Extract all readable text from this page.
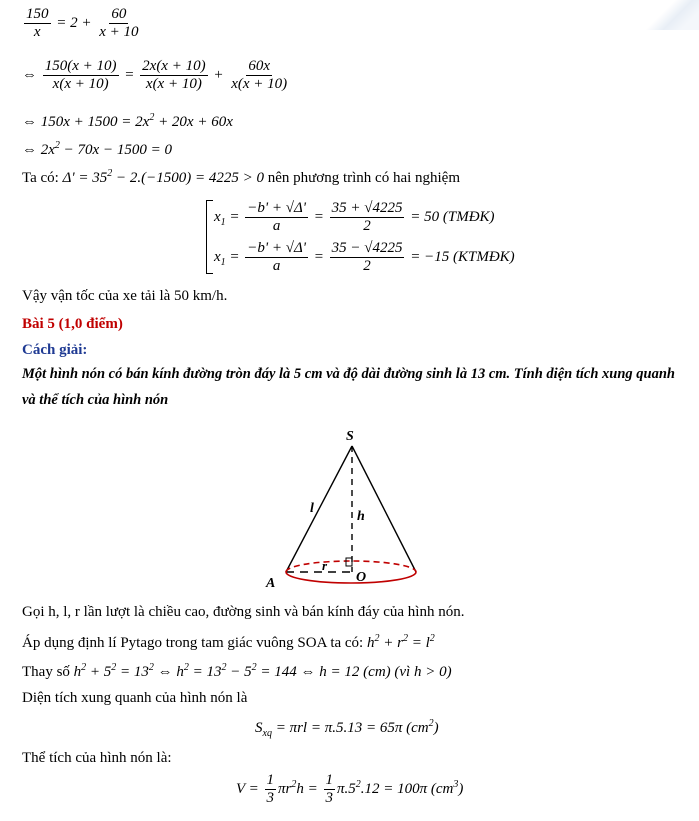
$\frac{150}{x} = 2 + \frac{60}{x + 10}$
⇔ $\frac{150(x + 10)}{x(x + 10)} = \frac{2x(x + 10)}{x(x + 10)} + \frac{60x}{x(x + 10)}$
⇔ $150x + 1500 = 2x^2 + 20x + 60x$
⇔ $2x^2 - 70x - 1500 = 0$
Ta có: $\Delta' = 35^2 - 2.(-1500) = 4225 > 0$ nên phương trình có hai nghiệm
$x_1 = \frac{-b' + √\Delta'}{a} = \frac{35 + √4225}{2} = 50$ (TMĐK)
$x_1 = \frac{-b' + √\Delta'}{a} = \frac{35 - √4225}{2} = -15$ (KTMĐK)
Vậy vận tốc của xe tải là 50 km/h.
Bài 5 (1,0 điểm)
Cách giải:
Một hình nón có bán kính đường tròn đáy là 5 cm và độ dài đường sinh là 13 cm. Tính diện tích xung quanh
và thể tích của hình nón
S
l
h
r
A	O
Gọi h, l, r lần lượt là chiều cao, đường sinh và bán kính đáy của hình nón.
Áp dụng định lí Pytago trong tam giác vuông SOA ta có: $h^2 + r^2 = l^2$
Thay số $h^2 + 5^2 = 13^2$ ⇔ $h^2 = 13^2 - 5^2 = 144$ ⇔ h = 12 (cm) (vì h > 0)
Diện tích xung quanh của hình nón là
$S_{xq} = \pi rl = \pi.5.13 = 65\pi$ $(cm^2)$
Thể tích của hình nón là:
$V = \frac{1}{3} \pi r^2h = \frac{1}{3} \pi.5^2.12 = 100\pi$ $(cm^3)$
